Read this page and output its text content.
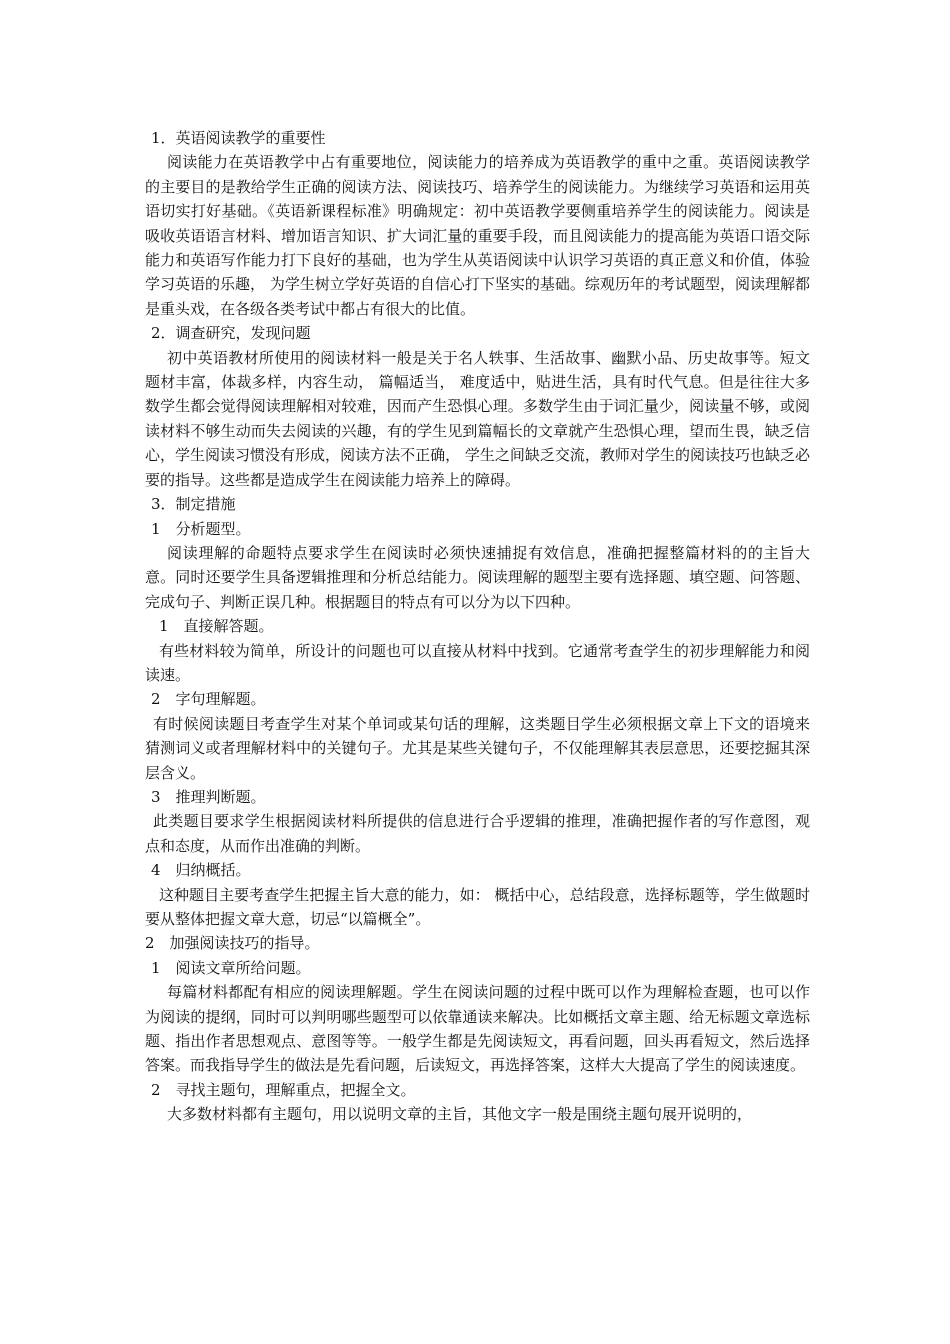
1．英语阅读教学的重要性

阅读能力在英语教学中占有重要地位，阅读能力的培养成为英语教学的重中之重。英语阅读教学的主要目的是教给学生正确的阅读方法、阅读技巧、培养学生的阅读能力。为继续学习英语和运用英语切实打好基础。《英语新课程标准》明确规定：初中英语教学要侧重培养学生的阅读能力。阅读是吸收英语语言材料、增加语言知识、扩大词汇量的重要手段，而且阅读能力的提高能为英语口语交际能力和英语写作能力打下良好的基础，也为学生从英语阅读中认识学习英语的真正意义和价值，体验学习英语的乐趣， 为学生树立学好英语的自信心打下坚实的基础。综观历年的考试题型，阅读理解都是重头戏，在各级各类考试中都占有很大的比值。

2．调查研究，发现问题

初中英语教材所使用的阅读材料一般是关于名人轶事、生活故事、幽默小品、历史故事等。短文题材丰富，体裁多样，内容生动， 篇幅适当， 难度适中，贴进生活，具有时代气息。但是往往大多数学生都会觉得阅读理解相对较难，因而产生恐惧心理。多数学生由于词汇量少，阅读量不够，或阅读材料不够生动而失去阅读的兴趣，有的学生见到篇幅长的文章就产生恐惧心理，望而生畏，缺乏信心，学生阅读习惯没有形成，阅读方法不正确， 学生之间缺乏交流，教师对学生的阅读技巧也缺乏必要的指导。这些都是造成学生在阅读能力培养上的障碍。

3．制定措施

1　分析题型。

阅读理解的命题特点要求学生在阅读时必须快速捕捉有效信息，准确把握整篇材料的的主旨大意。同时还要学生具备逻辑推理和分析总结能力。阅读理解的题型主要有选择题、填空题、问答题、完成句子、判断正误几种。根据题目的特点有可以分为以下四种。

1　直接解答题。

有些材料较为简单，所设计的问题也可以直接从材料中找到。它通常考查学生的初步理解能力和阅读速。

2　字句理解题。

有时候阅读题目考查学生对某个单词或某句话的理解，这类题目学生必须根据文章上下文的语境来猜测词义或者理解材料中的关键句子。尤其是某些关键句子，不仅能理解其表层意思，还要挖掘其深层含义。

3　推理判断题。

此类题目要求学生根据阅读材料所提供的信息进行合乎逻辑的推理，准确把握作者的写作意图，观点和态度，从而作出准确的判断。

4　归纳概括。

这种题目主要考查学生把握主旨大意的能力，如： 概括中心，总结段意，选择标题等，学生做题时要从整体把握文章大意，切忌“以篇概全”。

2　加强阅读技巧的指导。

1　阅读文章所给问题。

每篇材料都配有相应的阅读理解题。学生在阅读问题的过程中既可以作为理解检查题，也可以作为阅读的提纲，同时可以判明哪些题型可以依靠通读来解决。比如概括文章主题、给无标题文章选标题、指出作者思想观点、意图等等。一般学生都是先阅读短文，再看问题，回头再看短文，然后选择答案。而我指导学生的做法是先看问题，后读短文，再选择答案，这样大大提高了学生的阅读速度。

2　寻找主题句，理解重点，把握全文。

大多数材料都有主题句，用以说明文章的主旨，其他文字一般是围绕主题句展开说明的，
